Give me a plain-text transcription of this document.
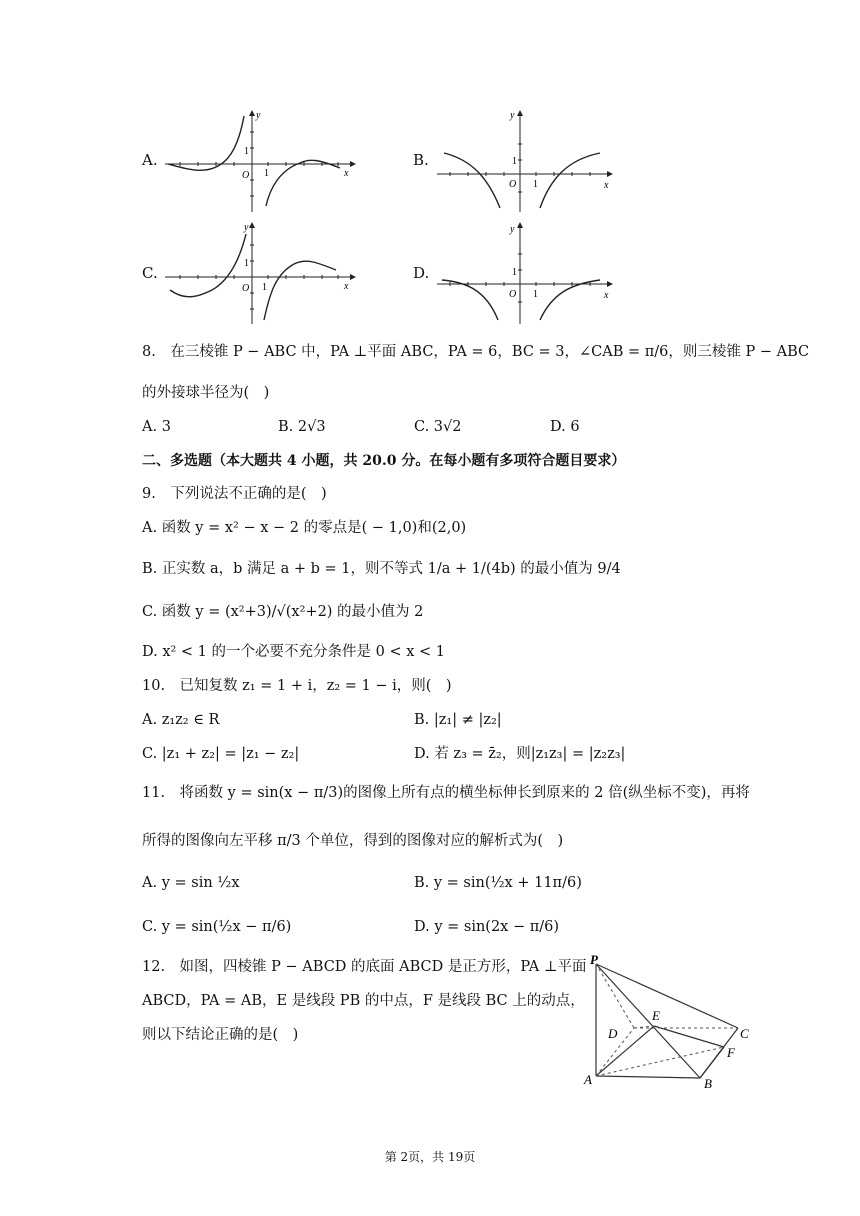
A.
y
x
O
1
1
B.
y
x
O
1
1
C.
y
x
O
1
1
D.
y
x
O
1
1
8.　在三棱锥 P − ABC 中，PA ⊥平面 ABC，PA = 6，BC = 3，∠CAB = π/6，则三棱锥 P − ABC
的外接球半径为(　)
A. 3	B. 2√3	C. 3√2	D. 6
二、多选题（本大题共 4 小题，共 20.0 分。在每小题有多项符合题目要求）
9.　下列说法不正确的是(　)
A. 函数 y = x² − x − 2 的零点是( − 1,0)和(2,0)
B. 正实数 a，b 满足 a + b = 1，则不等式 1/a + 1/(4b) 的最小值为 9/4
C. 函数 y = (x²+3)/√(x²+2) 的最小值为 2
D. x² < 1 的一个必要不充分条件是 0 < x < 1
10.　已知复数 z₁ = 1 + i，z₂ = 1 − i，则(　)
A. z₁z₂ ∈ R	B. |z₁| ≠ |z₂|
C. |z₁ + z₂| = |z₁ − z₂|	D. 若 z₃ = z̄₂，则|z₁z₃| = |z₂z₃|
11.　将函数 y = sin(x − π/3)的图像上所有点的横坐标伸长到原来的 2 倍(纵坐标不变)，再将
所得的图像向左平移 π/3 个单位，得到的图像对应的解析式为(　)
A. y = sin ½x	B. y = sin(½x + 11π/6)
C. y = sin(½x − π/6)	D. y = sin(2x − π/6)
12.　如图，四棱锥 P − ABCD 的底面 ABCD 是正方形，PA ⊥平面
ABCD，PA = AB，E 是线段 PB 的中点，F 是线段 BC 上的动点，
则以下结论正确的是(　)
P
A	B
C
D
E
F
第 2页，共 19页
